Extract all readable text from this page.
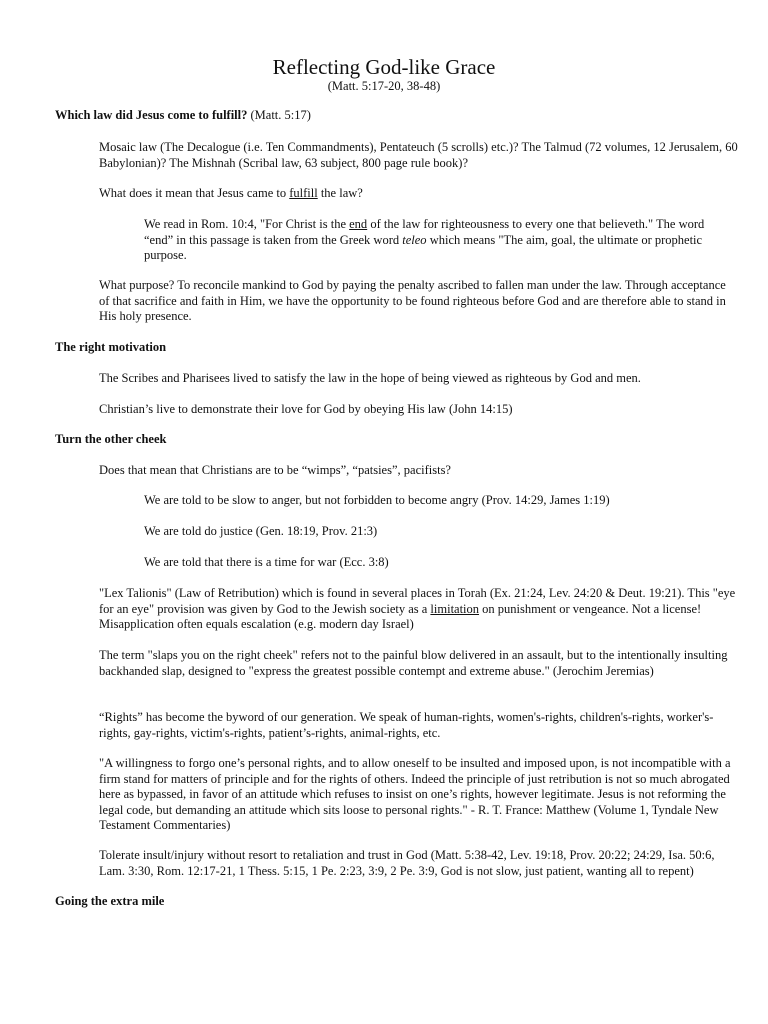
Reflecting God-like Grace
(Matt. 5:17-20, 38-48)
Which law did Jesus come to fulfill? (Matt. 5:17)
Mosaic law (The Decalogue (i.e. Ten Commandments), Pentateuch (5 scrolls) etc.)? The Talmud (72 volumes, 12 Jerusalem, 60 Babylonian)? The Mishnah (Scribal law, 63 subject, 800 page rule book)?
What does it mean that Jesus came to fulfill the law?
We read in Rom. 10:4, "For Christ is the end of the law for righteousness to every one that believeth." The word “end” in this passage is taken from the Greek word teleo which means "The aim, goal, the ultimate or prophetic purpose.
What purpose? To reconcile mankind to God by paying the penalty ascribed to fallen man under the law. Through acceptance of that sacrifice and faith in Him, we have the opportunity to be found righteous before God and are therefore able to stand in His holy presence.
The right motivation
The Scribes and Pharisees lived to satisfy the law in the hope of being viewed as righteous by God and men.
Christian’s live to demonstrate their love for God by obeying His law (John 14:15)
Turn the other cheek
Does that mean that Christians are to be “wimps”, “patsies”, pacifists?
We are told to be slow to anger, but not forbidden to become angry (Prov. 14:29, James 1:19)
We are told do justice (Gen. 18:19, Prov. 21:3)
We are told that there is a time for war (Ecc. 3:8)
"Lex Talionis" (Law of Retribution) which is found in several places in Torah (Ex. 21:24, Lev. 24:20 & Deut. 19:21). This "eye for an eye" provision was given by God to the Jewish society as a limitation on punishment or vengeance. Not a license! Misapplication often equals escalation (e.g. modern day Israel)
The term "slaps you on the right cheek" refers not to the painful blow delivered in an assault, but to the intentionally insulting backhanded slap, designed to "express the greatest possible contempt and extreme abuse." (Jerochim Jeremias)
“Rights” has become the byword of our generation. We speak of human-rights, women's-rights, children's-rights, worker's-rights, gay-rights, victim's-rights, patient’s-rights, animal-rights, etc.
"A willingness to forgo one’s personal rights, and to allow oneself to be insulted and imposed upon, is not incompatible with a firm stand for matters of principle and for the rights of others. Indeed the principle of just retribution is not so much abrogated here as bypassed, in favor of an attitude which refuses to insist on one’s rights, however legitimate. Jesus is not reforming the legal code, but demanding an attitude which sits loose to personal rights." - R. T. France: Matthew (Volume 1, Tyndale New Testament Commentaries)
Tolerate insult/injury without resort to retaliation and trust in God (Matt. 5:38-42, Lev. 19:18, Prov. 20:22; 24:29, Isa. 50:6, Lam. 3:30, Rom. 12:17-21, 1 Thess. 5:15, 1 Pe. 2:23, 3:9, 2 Pe. 3:9, God is not slow, just patient, wanting all to repent)
Going the extra mile
